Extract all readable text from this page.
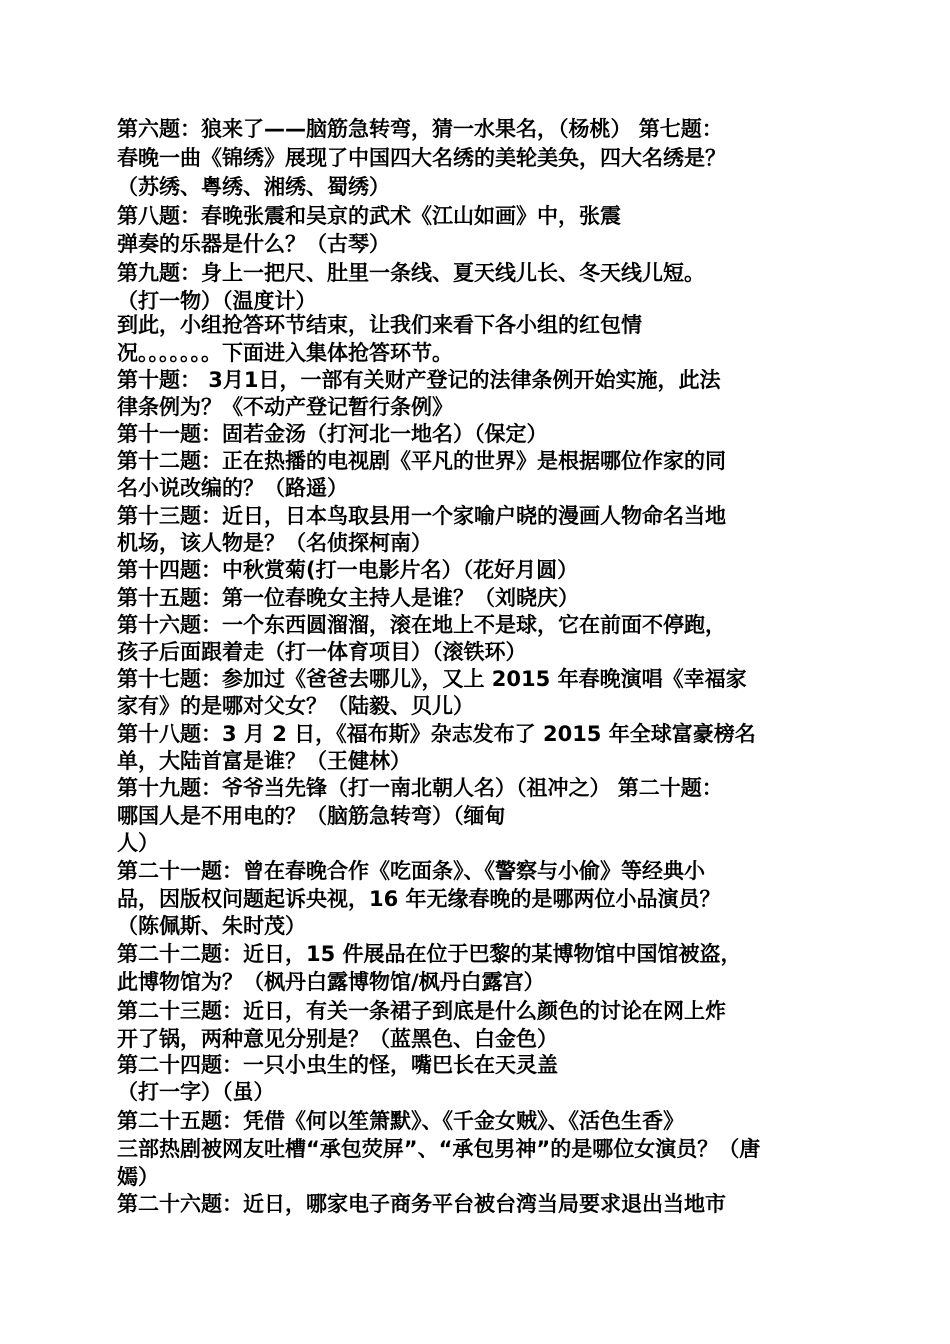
第六题：狼来了——脑筋急转弯，猜一水果名，（杨桃） 第七题：
春晚一曲《锦绣》展现了中国四大名绣的美轮美奂，四大名绣是？
（苏绣、粤绣、湘绣、蜀绣）
第八题：春晚张震和吴京的武术《江山如画》中，张震
弹奏的乐器是什么？（古琴）
第九题：身上一把尺、肚里一条线、夏天线儿长、冬天线儿短。
（打一物）（温度计）
到此，小组抢答环节结束，让我们来看下各小组的红包情
况。。。。。。。下面进入集体抢答环节。
第十题： 3月1日，一部有关财产登记的法律条例开始实施，此法
律条例为？《不动产登记暂行条例》
第十一题：固若金汤（打河北一地名）（保定）
第十二题：正在热播的电视剧《平凡的世界》是根据哪位作家的同
名小说改编的？（路遥）
第十三题：近日，日本鸟取县用一个家喻户晓的漫画人物命名当地
机场，该人物是？（名侦探柯南）
第十四题：中秋赏菊(打一电影片名）（花好月圆）
第十五题：第一位春晚女主持人是谁？（刘晓庆）
第十六题：一个东西圆溜溜，滚在地上不是球，它在前面不停跑，
孩子后面跟着走（打一体育项目）（滚铁环）
第十七题：参加过《爸爸去哪儿》，又上 2015 年春晚演唱《幸福家
家有》的是哪对父女？（陆毅、贝儿）
第十八题：3 月 2 日，《福布斯》杂志发布了 2015 年全球富豪榜名
单，大陆首富是谁？（王健林）
第十九题：爷爷当先锋（打一南北朝人名）（祖冲之） 第二十题：
哪国人是不用电的？（脑筋急转弯）（缅甸
人）
第二十一题：曾在春晚合作《吃面条》、《警察与小偷》等经典小
品，因版权问题起诉央视，16 年无缘春晚的是哪两位小品演员？
（陈佩斯、朱时茂）
第二十二题：近日，15 件展品在位于巴黎的某博物馆中国馆被盗，
此博物馆为？（枫丹白露博物馆/枫丹白露宫）
第二十三题：近日，有关一条裙子到底是什么颜色的讨论在网上炸
开了锅，两种意见分别是？（蓝黑色、白金色）
第二十四题：一只小虫生的怪，嘴巴长在天灵盖
（打一字）（虽）
第二十五题：凭借《何以笙箫默》、《千金女贼》、《活色生香》
三部热剧被网友吐槽“承包荧屏”、“承包男神”的是哪位女演员？（唐
嫣）
第二十六题：近日，哪家电子商务平台被台湾当局要求退出当地市
